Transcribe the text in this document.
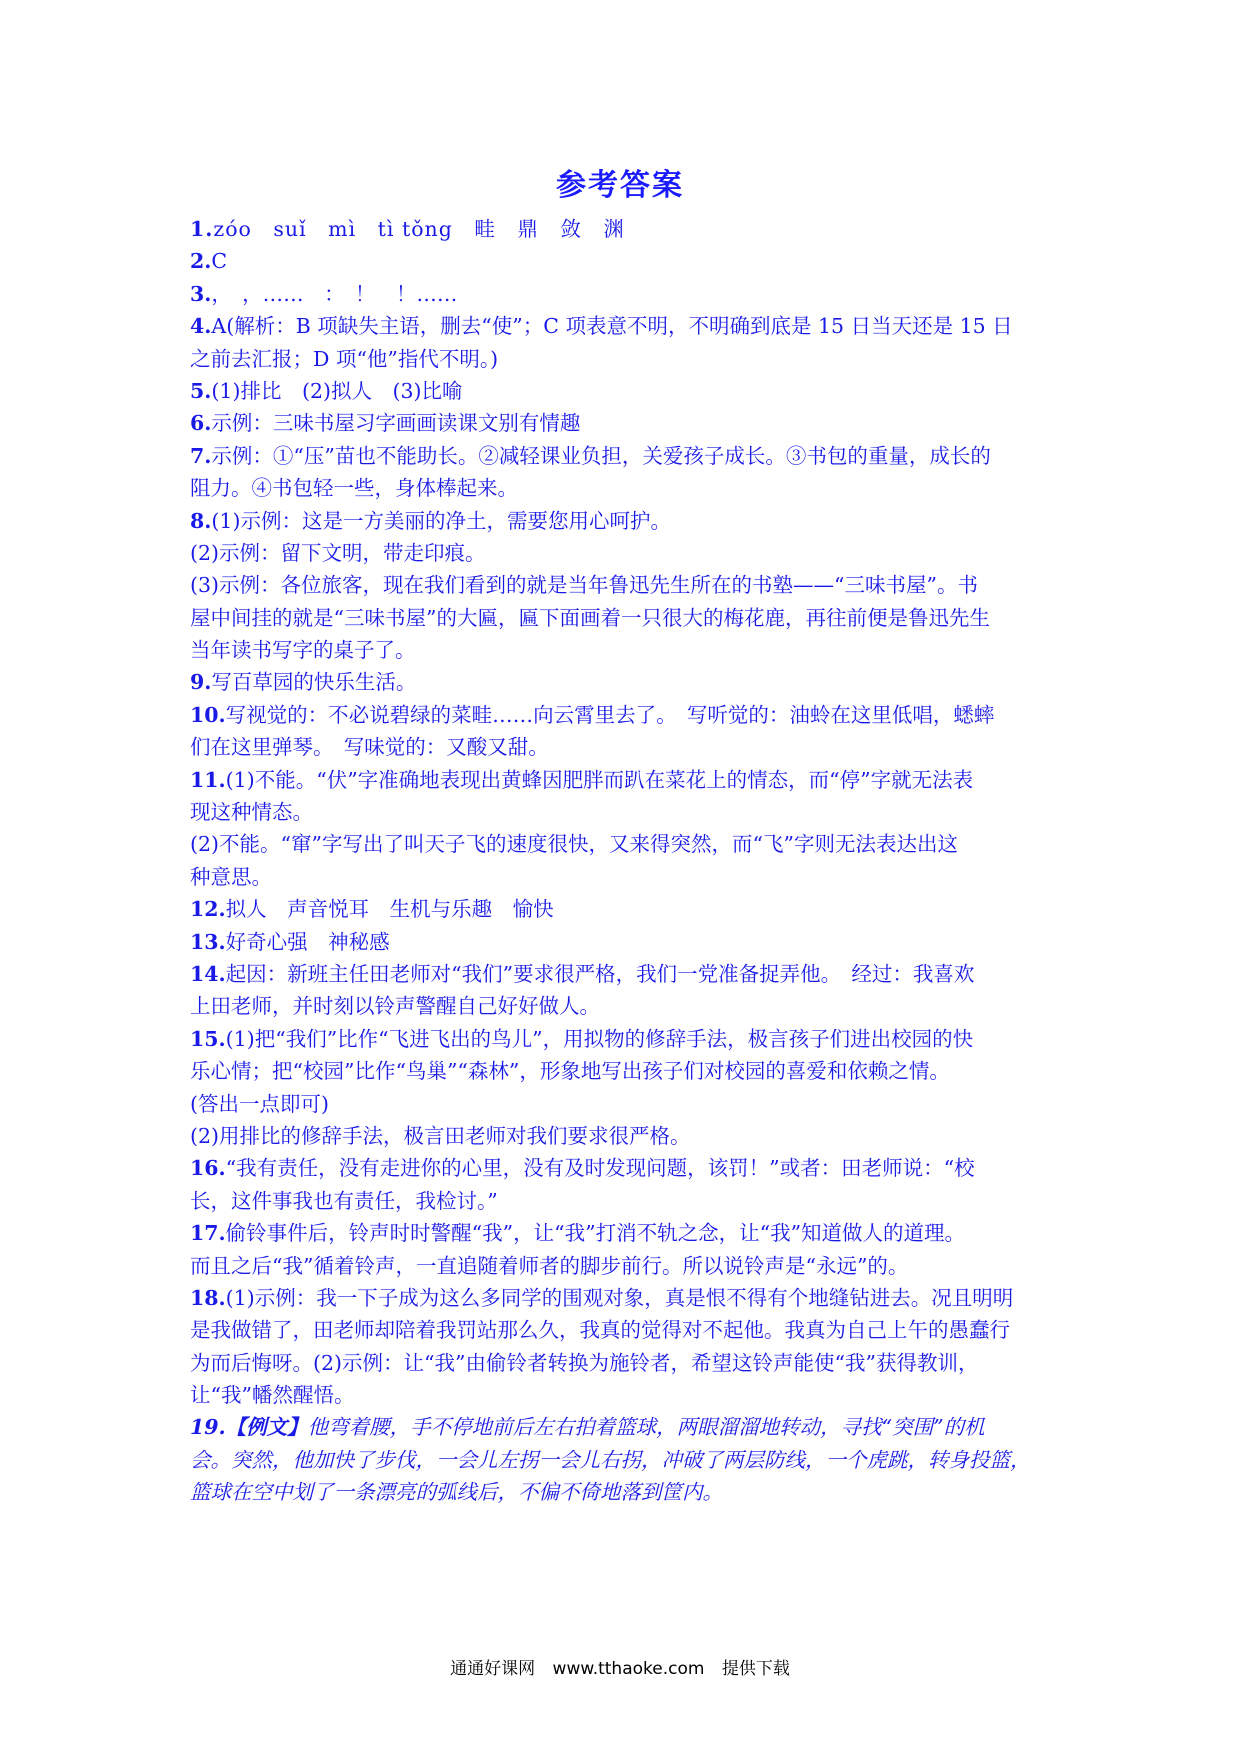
参考答案
1.zóo　suǐ　mì　tì tǒng　畦　鼎　敛　渊
2.C
3.，　，……　：　！　！……
4.A(解析：B 项缺失主语，删去“使”；C 项表意不明，不明确到底是 15 日当天还是 15 日
之前去汇报；D 项“他”指代不明。)
5.(1)排比　(2)拟人　(3)比喻
6.示例：三味书屋习字画画读课文别有情趣
7.示例：①“压”苗也不能助长。②减轻课业负担，关爱孩子成长。③书包的重量，成长的
阻力。④书包轻一些，身体棒起来。
8.(1)示例：这是一方美丽的净土，需要您用心呵护。
(2)示例：留下文明，带走印痕。
(3)示例：各位旅客，现在我们看到的就是当年鲁迅先生所在的书塾——“三味书屋”。书
屋中间挂的就是“三味书屋”的大匾，匾下面画着一只很大的梅花鹿，再往前便是鲁迅先生
当年读书写字的桌子了。
9.写百草园的快乐生活。
10.写视觉的：不必说碧绿的菜畦……向云霄里去了。　写听觉的：油蛉在这里低唱，蟋蟀
们在这里弹琴。　写味觉的：又酸又甜。
11.(1)不能。“伏”字准确地表现出黄蜂因肥胖而趴在菜花上的情态，而“停”字就无法表
现这种情态。
(2)不能。“窜”字写出了叫天子飞的速度很快，又来得突然，而“飞”字则无法表达出这
种意思。
12.拟人　声音悦耳　生机与乐趣　愉快
13.好奇心强　神秘感
14.起因：新班主任田老师对“我们”要求很严格，我们一党准备捉弄他。　经过：我喜欢
上田老师，并时刻以铃声警醒自己好好做人。
15.(1)把“我们”比作“飞进飞出的鸟儿”，用拟物的修辞手法，极言孩子们进出校园的快
乐心情；把“校园”比作“鸟巢”“森林”，形象地写出孩子们对校园的喜爱和依赖之情。
(答出一点即可)
(2)用排比的修辞手法，极言田老师对我们要求很严格。
16.“我有责任，没有走进你的心里，没有及时发现问题，该罚！”或者：田老师说：“校
长，这件事我也有责任，我检讨。”
17.偷铃事件后，铃声时时警醒“我”，让“我”打消不轨之念，让“我”知道做人的道理。
而且之后“我”循着铃声，一直追随着师者的脚步前行。所以说铃声是“永远”的。
18.(1)示例：我一下子成为这么多同学的围观对象，真是恨不得有个地缝钻进去。况且明明
是我做错了，田老师却陪着我罚站那么久，我真的觉得对不起他。我真为自己上午的愚蠢行
为而后悔呀。(2)示例：让“我”由偷铃者转换为施铃者，希望这铃声能使“我”获得教训，
让“我”幡然醒悟。
19.【例文】他弯着腰，手不停地前后左右拍着篮球，两眼溜溜地转动，寻找“突围”的机
会。突然，他加快了步伐，一会儿左拐一会儿右拐，冲破了两层防线，一个虎跳，转身投篮，
篮球在空中划了一条漂亮的弧线后，不偏不倚地落到筐内。
通通好课网 www.tthaoke.com 提供下载
